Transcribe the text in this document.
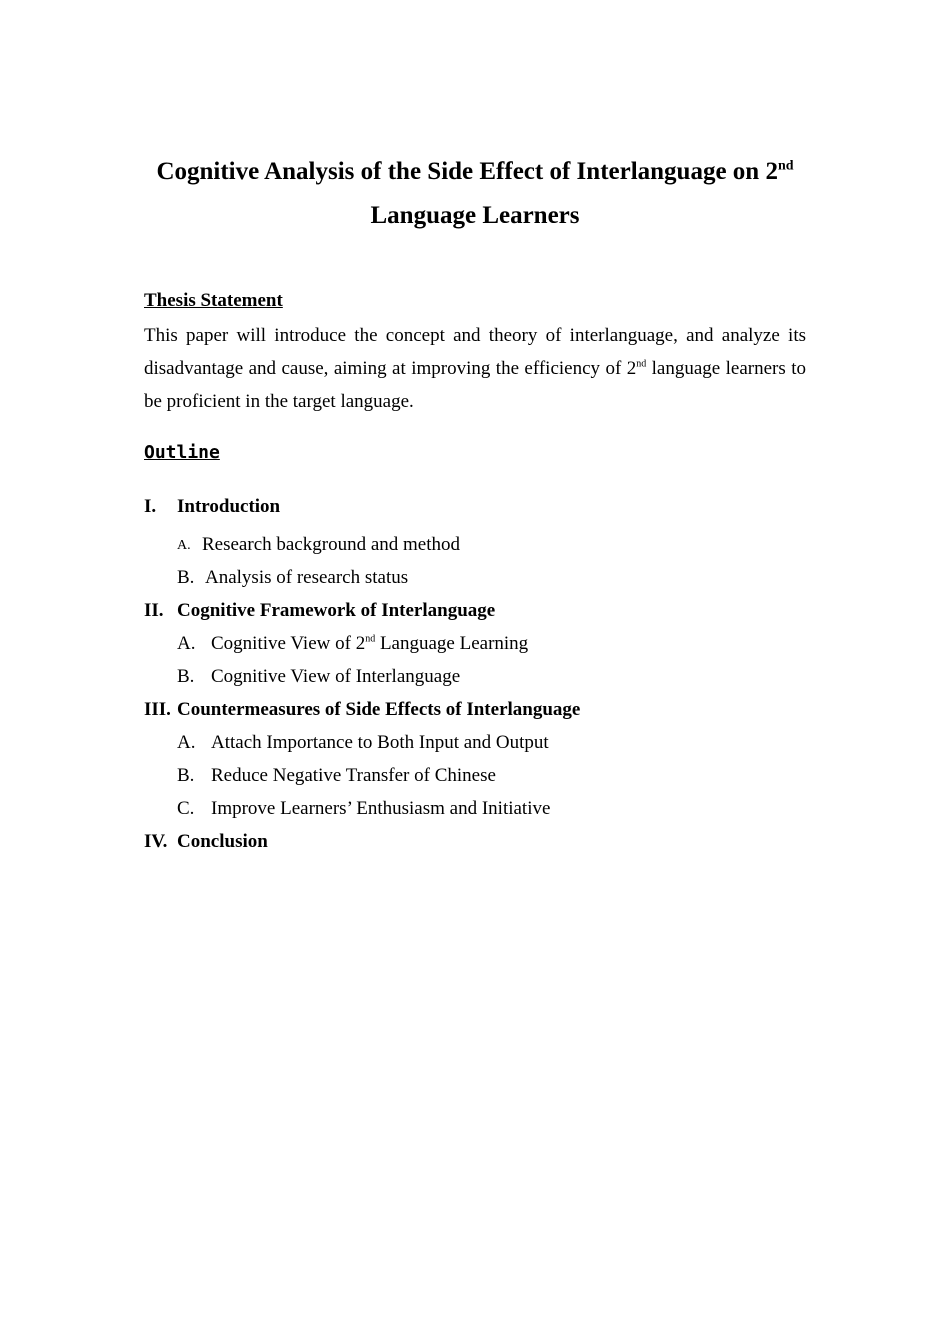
Cognitive Analysis of the Side Effect of Interlanguage on 2nd
Language Learners
Thesis Statement
This paper will introduce the concept and theory of interlanguage, and analyze its disadvantage and cause, aiming at improving the efficiency of 2nd language learners to be proficient in the target language.
Outline
I. Introduction
A. Research background and method
B. Analysis of research status
II. Cognitive Framework of Interlanguage
A. Cognitive View of 2nd Language Learning
B. Cognitive View of Interlanguage
III. Countermeasures of Side Effects of Interlanguage
A. Attach Importance to Both Input and Output
B. Reduce Negative Transfer of Chinese
C. Improve Learners’ Enthusiasm and Initiative
IV. Conclusion
